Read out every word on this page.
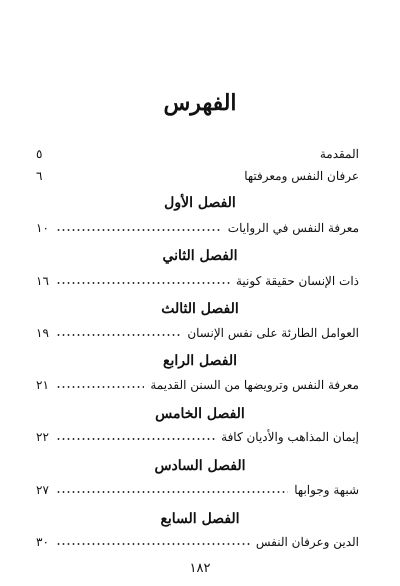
الفهرس
المقدمة
٥
عرفان النفس ومعرفتها
٦
الفصل الأول
معرفة النفس في الروايات
١٠
الفصل الثاني
ذات الإنسان حقيقة كونية
١٦
الفصل الثالث
العوامل الطارئة على نفس الإنسان
١٩
الفصل الرابع
معرفة النفس وترويضها من السنن القديمة
٢١
الفصل الخامس
إيمان المذاهب والأديان كافة
٢٢
الفصل السادس
شبهة وجوابها
٢٧
الفصل السابع
الدين وعرفان النفس
٣٠
١٨٢
